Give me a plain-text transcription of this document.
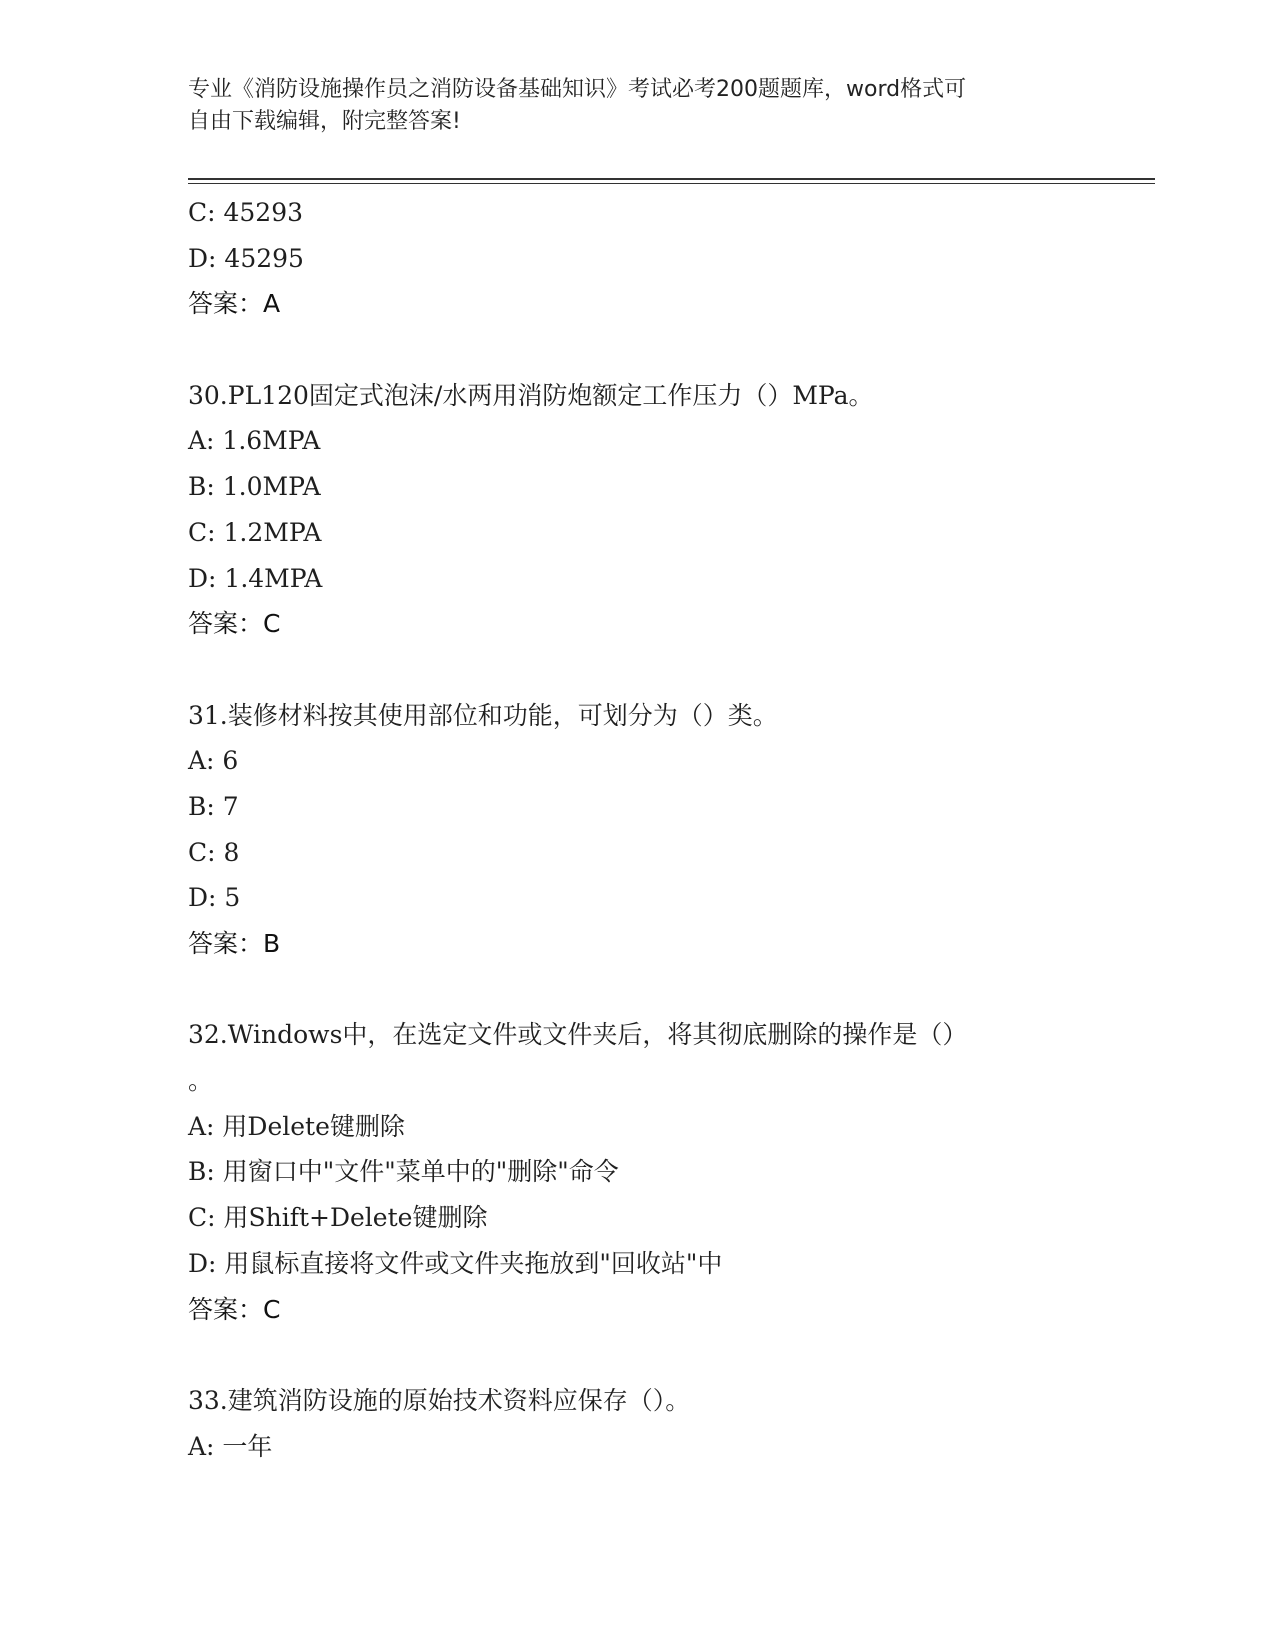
专业《消防设施操作员之消防设备基础知识》考试必考200题题库，word格式可
自由下载编辑，附完整答案!
C: 45293
D: 45295
答案：A
30.PL120固定式泡沫/水两用消防炮额定工作压力（）MPa。
A: 1.6MPA
B: 1.0MPA
C: 1.2MPA
D: 1.4MPA
答案：C
31.装修材料按其使用部位和功能，可划分为（）类。
A: 6
B: 7
C: 8
D: 5
答案：B
32.Windows中，在选定文件或文件夹后，将其彻底删除的操作是（）
。
A: 用Delete键删除
B: 用窗口中"文件"菜单中的"删除"命令
C: 用Shift+Delete键删除
D: 用鼠标直接将文件或文件夹拖放到"回收站"中
答案：C
33.建筑消防设施的原始技术资料应保存（）。
A: 一年
